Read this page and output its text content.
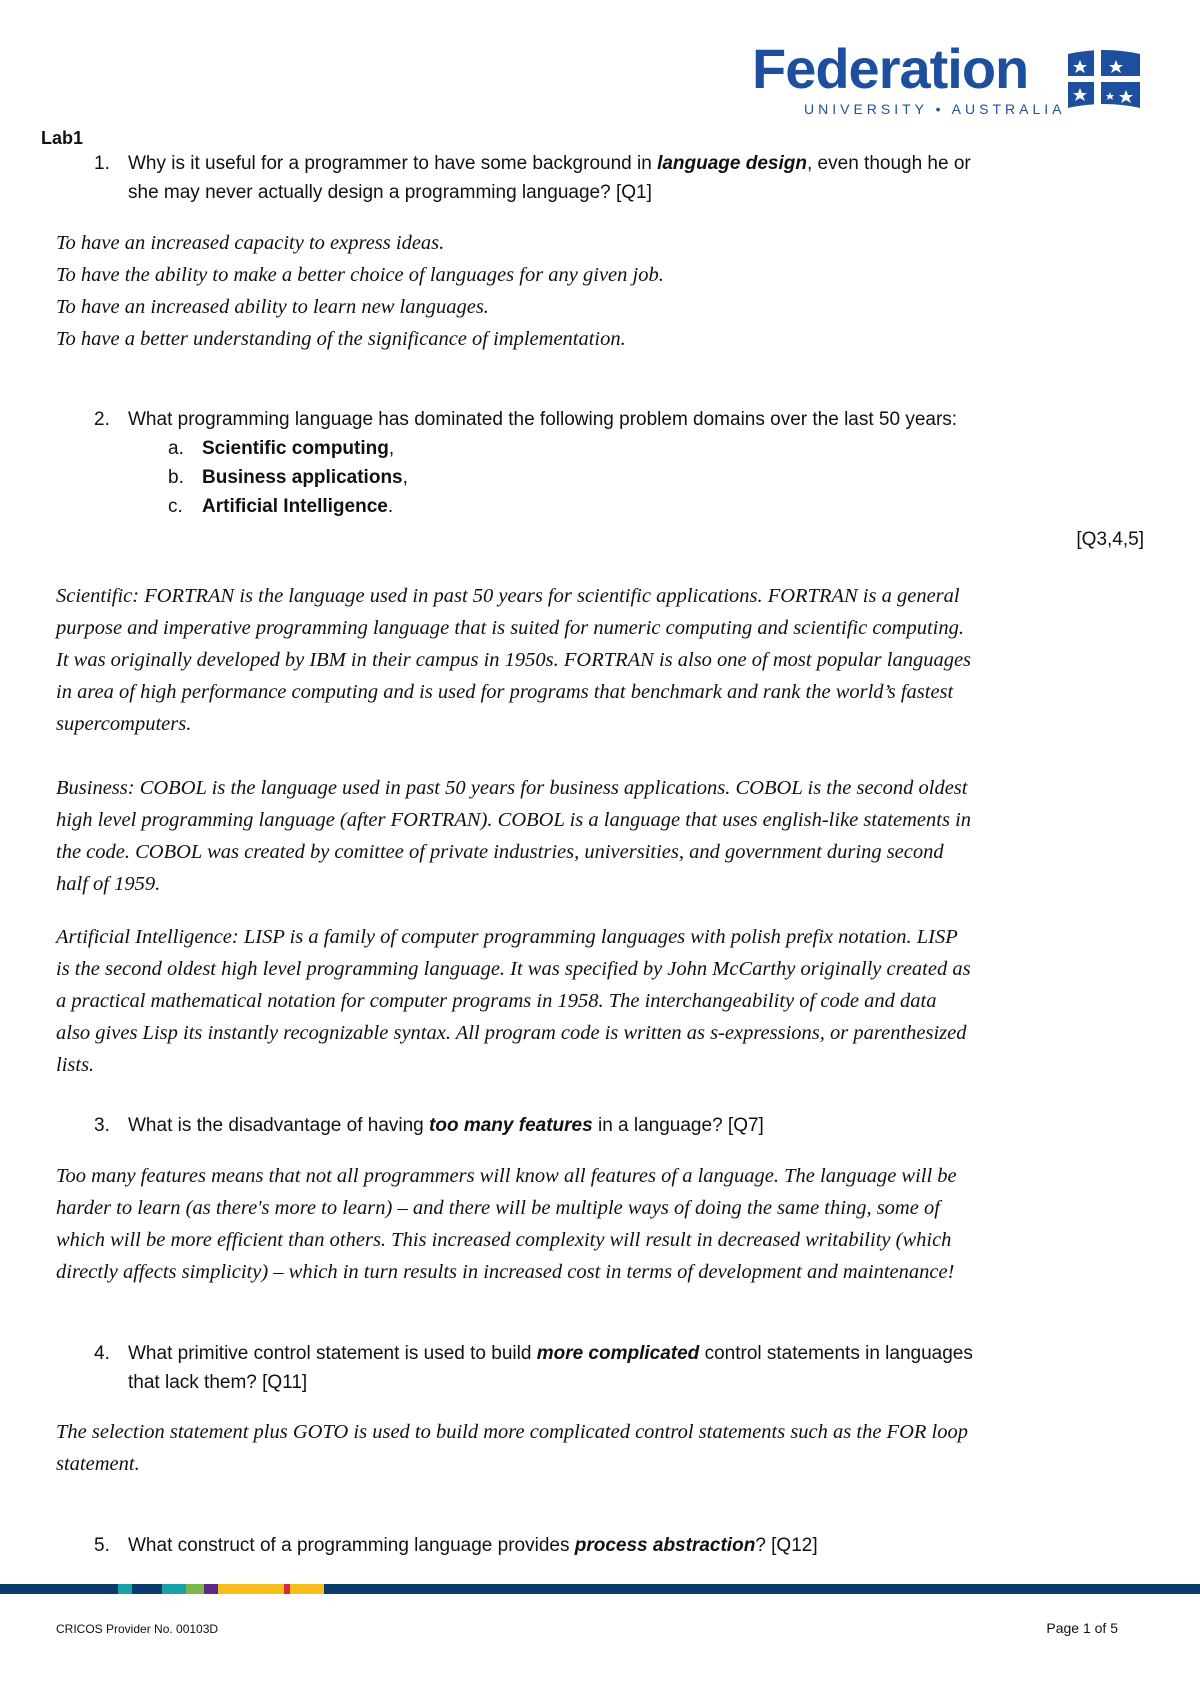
Federation
UNIVERSITY • AUSTRALIA
Lab1
1. Why is it useful for a programmer to have some background in language design, even though he or
she may never actually design a programming language? [Q1]
To have an increased capacity to express ideas.
To have the ability to make a better choice of languages for any given job.
To have an increased ability to learn new languages.
To have a better understanding of the significance of implementation.
2. What programming language has dominated the following problem domains over the last 50 years:
a. Scientific computing,
b. Business applications,
c. Artificial Intelligence.
[Q3,4,5]
Scientific: FORTRAN is the language used in past 50 years for scientific applications. FORTRAN is a general
purpose and imperative programming language that is suited for numeric computing and scientific computing.
It was originally developed by IBM in their campus in 1950s. FORTRAN is also one of most popular languages
in area of high performance computing and is used for programs that benchmark and rank the world’s fastest
supercomputers.
Business: COBOL is the language used in past 50 years for business applications. COBOL is the second oldest
high level programming language (after FORTRAN). COBOL is a language that uses english-like statements in
the code. COBOL was created by comittee of private industries, universities, and government during second
half of 1959.
Artificial Intelligence: LISP is a family of computer programming languages with polish prefix notation. LISP
is the second oldest high level programming language. It was specified by John McCarthy originally created as
a practical mathematical notation for computer programs in 1958. The interchangeability of code and data
also gives Lisp its instantly recognizable syntax. All program code is written as s-expressions, or parenthesized
lists.
3. What is the disadvantage of having too many features in a language? [Q7]
Too many features means that not all programmers will know all features of a language. The language will be
harder to learn (as there's more to learn) – and there will be multiple ways of doing the same thing, some of
which will be more efficient than others. This increased complexity will result in decreased writability (which
directly affects simplicity) – which in turn results in increased cost in terms of development and maintenance!
4. What primitive control statement is used to build more complicated control statements in languages
that lack them? [Q11]
The selection statement plus GOTO is used to build more complicated control statements such as the FOR loop
statement.
5. What construct of a programming language provides process abstraction? [Q12]
CRICOS Provider No. 00103D	Page 1 of 5
